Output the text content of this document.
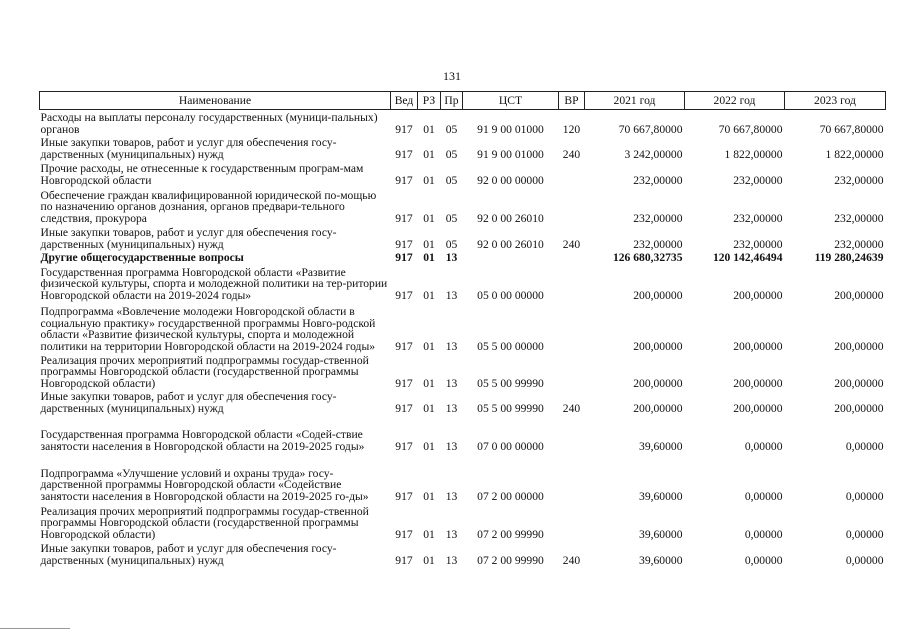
131
Наименование	Вед	РЗ	Пр	ЦСТ	ВР	2021 год	2022 год	2023 год
Расходы на выплаты персоналу государственных (муници-пальных) органов	917	01	05	91 9 00 01000	120	70 667,80000	70 667,80000	70 667,80000
Иные закупки товаров, работ и услуг для обеспечения госу-дарственных (муниципальных) нужд	917	01	05	91 9 00 01000	240	3 242,00000	1 822,00000	1 822,00000
Прочие расходы, не отнесенные к государственным програм-мам Новгородской области	917	01	05	92 0 00 00000		232,00000	232,00000	232,00000
Обеспечение граждан квалифицированной юридической по-мощью по назначению органов дознания, органов предвари-тельного следствия, прокурора	917	01	05	92 0 00 26010		232,00000	232,00000	232,00000
Иные закупки товаров, работ и услуг для обеспечения госу-дарственных (муниципальных) нужд	917	01	05	92 0 00 26010	240	232,00000	232,00000	232,00000
Другие общегосударственные вопросы	917	01	13			126 680,32735	120 142,46494	119 280,24639
Государственная программа Новгородской области «Развитие физической культуры, спорта и молодежной политики на тер-ритории Новгородской области на 2019-2024 годы»	917	01	13	05 0 00 00000		200,00000	200,00000	200,00000
Подпрограмма «Вовлечение молодежи Новгородской области в социальную практику» государственной программы Новго-родской области «Развитие физической культуры, спорта и молодежной политики на территории Новгородской области на 2019-2024 годы»	917	01	13	05 5 00 00000		200,00000	200,00000	200,00000
Реализация прочих мероприятий подпрограммы государ-ственной программы Новгородской области (государственной программы Новгородской области)	917	01	13	05 5 00 99990		200,00000	200,00000	200,00000
Иные закупки товаров, работ и услуг для обеспечения госу-дарственных (муниципальных) нужд	917	01	13	05 5 00 99990	240	200,00000	200,00000	200,00000
Государственная программа Новгородской области «Содей-ствие занятости населения в Новгородской области на 2019-2025 годы»	917	01	13	07 0 00 00000		39,60000	0,00000	0,00000
Подпрограмма «Улучшение условий и охраны труда» госу-дарственной программы Новгородской области «Содействие занятости населения в Новгородской области на 2019-2025 го-ды»	917	01	13	07 2 00 00000		39,60000	0,00000	0,00000
Реализация прочих мероприятий подпрограммы государ-ственной программы Новгородской области (государственной программы Новгородской области)	917	01	13	07 2 00 99990		39,60000	0,00000	0,00000
Иные закупки товаров, работ и услуг для обеспечения госу-дарственных (муниципальных) нужд	917	01	13	07 2 00 99990	240	39,60000	0,00000	0,00000
